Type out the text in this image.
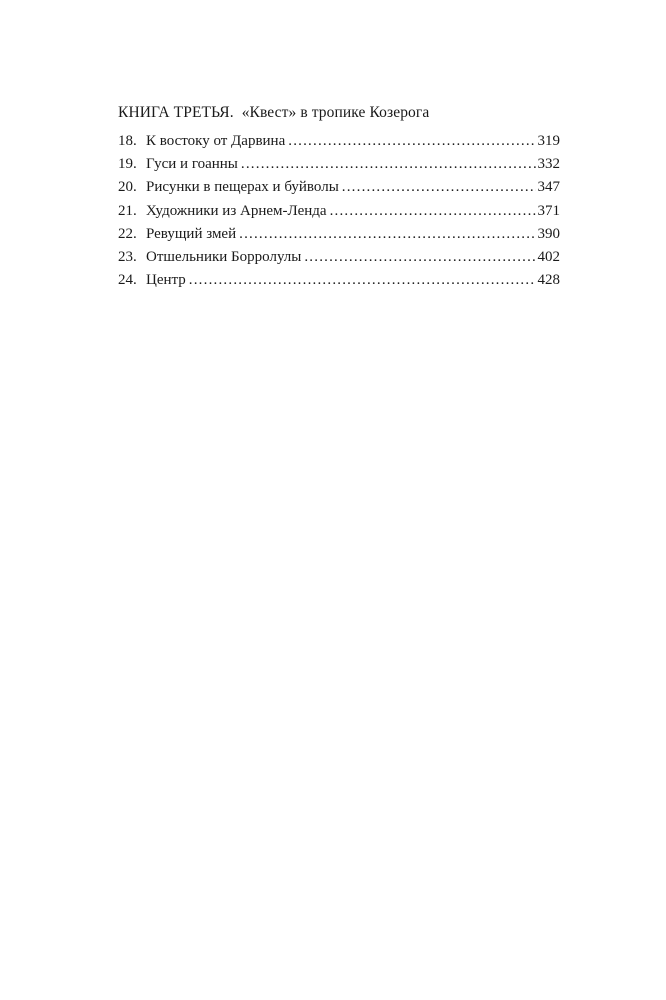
КНИГА ТРЕТЬЯ. «Квест» в тропике Козерога
18. К востоку от Дарвина .....	319
19. Гуси и гоанны .....	332
20. Рисунки в пещерах и буйволы .....	347
21. Художники из Арнем-Ленда .....	371
22. Ревущий змей .....	390
23. Отшельники Борролулы .....	402
24. Центр .....	428
